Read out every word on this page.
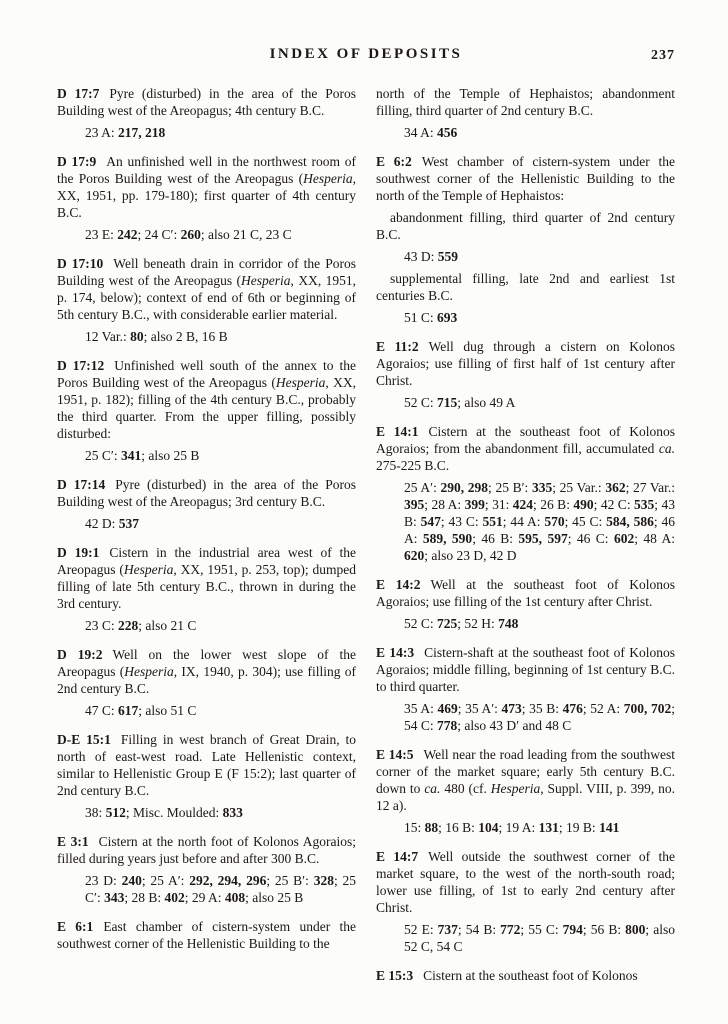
INDEX OF DEPOSITS	237

D 17:7 Pyre (disturbed) in the area of the Poros Building west of the Areopagus; 4th century B.C.

23 A: 217, 218

D 17:9 An unfinished well in the northwest room of the Poros Building west of the Areopagus (Hesperia, XX, 1951, pp. 179-180); first quarter of 4th century B.C.

23 E: 242; 24 C′: 260; also 21 C, 23 C

D 17:10 Well beneath drain in corridor of the Poros Building west of the Areopagus (Hesperia, XX, 1951, p. 174, below); context of end of 6th or beginning of 5th century B.C., with considerable earlier material.

12 Var.: 80; also 2 B, 16 B

D 17:12 Unfinished well south of the annex to the Poros Building west of the Areopagus (Hesperia, XX, 1951, p. 182); filling of the 4th century B.C., probably the third quarter. From the upper filling, possibly disturbed:

25 C′: 341; also 25 B

D 17:14 Pyre (disturbed) in the area of the Poros Building west of the Areopagus; 3rd century B.C.

42 D: 537

D 19:1 Cistern in the industrial area west of the Areopagus (Hesperia, XX, 1951, p. 253, top); dumped filling of late 5th century B.C., thrown in during the 3rd century.

23 C: 228; also 21 C

D 19:2 Well on the lower west slope of the Areopagus (Hesperia, IX, 1940, p. 304); use filling of 2nd century B.C.

47 C: 617; also 51 C

D-E 15:1 Filling in west branch of Great Drain, to north of east-west road. Late Hellenistic context, similar to Hellenistic Group E (F 15:2); last quarter of 2nd century B.C.

38: 512; Misc. Moulded: 833

E 3:1 Cistern at the north foot of Kolonos Agoraios; filled during years just before and after 300 B.C.

23 D: 240; 25 A′: 292, 294, 296; 25 B′: 328; 25 C′: 343; 28 B: 402; 29 A: 408; also 25 B

E 6:1 East chamber of cistern-system under the southwest corner of the Hellenistic Building to the

north of the Temple of Hephaistos; abandonment filling, third quarter of 2nd century B.C.

34 A: 456

E 6:2 West chamber of cistern-system under the southwest corner of the Hellenistic Building to the north of the Temple of Hephaistos:

abandonment filling, third quarter of 2nd century B.C.

43 D: 559

supplemental filling, late 2nd and earliest 1st centuries B.C.

51 C: 693

E 11:2 Well dug through a cistern on Kolonos Agoraios; use filling of first half of 1st century after Christ.

52 C: 715; also 49 A

E 14:1 Cistern at the southeast foot of Kolonos Agoraios; from the abandonment fill, accumulated ca. 275-225 B.C.

25 A′: 290, 298; 25 B′: 335; 25 Var.: 362; 27 Var.: 395; 28 A: 399; 31: 424; 26 B: 490; 42 C: 535; 43 B: 547; 43 C: 551; 44 A: 570; 45 C: 584, 586; 46 A: 589, 590; 46 B: 595, 597; 46 C: 602; 48 A: 620; also 23 D, 42 D

E 14:2 Well at the southeast foot of Kolonos Agoraios; use filling of the 1st century after Christ.

52 C: 725; 52 H: 748

E 14:3 Cistern-shaft at the southeast foot of Kolonos Agoraios; middle filling, beginning of 1st century B.C. to third quarter.

35 A: 469; 35 A′: 473; 35 B: 476; 52 A: 700, 702; 54 C: 778; also 43 D′ and 48 C

E 14:5 Well near the road leading from the southwest corner of the market square; early 5th century B.C. down to ca. 480 (cf. Hesperia, Suppl. VIII, p. 399, no. 12 a).

15: 88; 16 B: 104; 19 A: 131; 19 B: 141

E 14:7 Well outside the southwest corner of the market square, to the west of the north-south road; lower use filling, of 1st to early 2nd century after Christ.

52 E: 737; 54 B: 772; 55 C: 794; 56 B: 800; also 52 C, 54 C

E 15:3 Cistern at the southeast foot of Kolonos
